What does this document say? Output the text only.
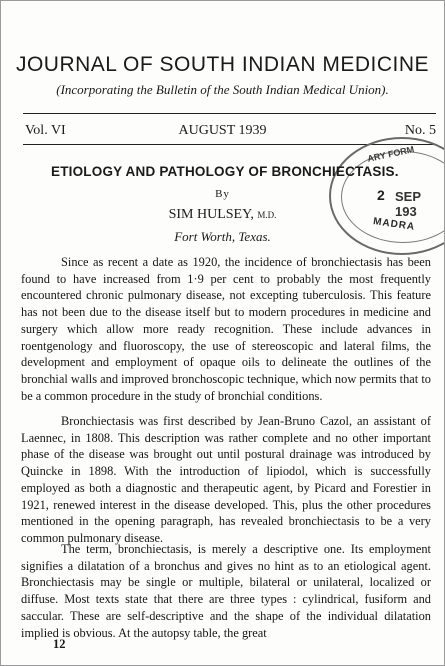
JOURNAL OF SOUTH INDIAN MEDICINE
(Incorporating the Bulletin of the South Indian Medical Union).
Vol. VI	AUGUST 1939	No. 5
ARY FORM
2 SEP 193
MADRA
ETIOLOGY AND PATHOLOGY OF BRONCHIECTASIS.
By
SIM HULSEY, M.D.
Fort Worth, Texas.

Since as recent a date as 1920, the incidence of bronchiectasis has been found to have increased from 1·9 per cent to probably the most frequently encountered chronic pulmonary disease, not excepting tuberculosis. This feature has not been due to the disease itself but to modern procedures in medicine and surgery which allow more ready recognition. These include advances in roentgenology and fluoroscopy, the use of stereoscopic and lateral films, the development and employment of opaque oils to delineate the outlines of the bronchial walls and improved bronchoscopic technique, which now permits that to be a common procedure in the study of bronchial conditions.

Bronchiectasis was first described by Jean-Bruno Cazol, an assistant of Laennec, in 1808. This description was rather complete and no other important phase of the disease was brought out until postural drainage was introduced by Quincke in 1898. With the introduction of lipiodol, which is successfully employed as both a diagnostic and therapeutic agent, by Picard and Forestier in 1921, renewed interest in the disease developed. This, plus the other procedures mentioned in the opening paragraph, has revealed bronchiectasis to be a very common pulmonary disease.

The term, bronchiectasis, is merely a descriptive one. Its employment signifies a dilatation of a bronchus and gives no hint as to an etiological agent. Bronchiectasis may be single or multiple, bilateral or unilateral, localized or diffuse. Most texts state that there are three types : cylindrical, fusiform and saccular. These are self-descriptive and the shape of the individual dilatation implied is obvious. At the autopsy table, the great

12
